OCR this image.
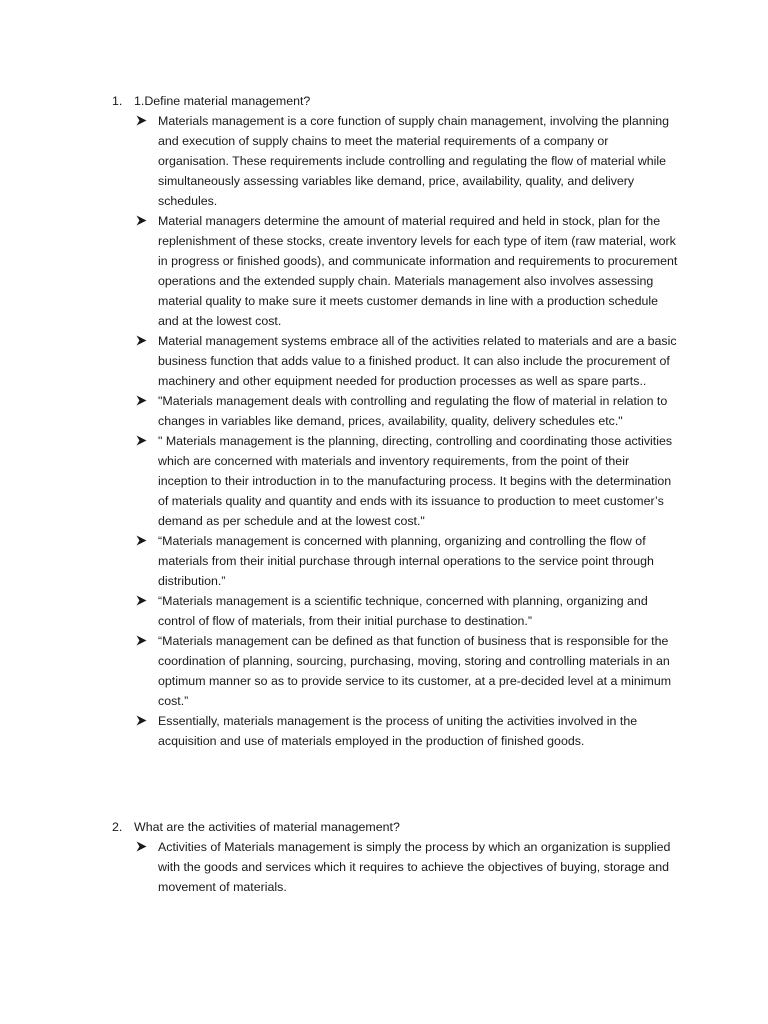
1. 1.Define material management?
Materials management is a core function of supply chain management, involving the planning and execution of supply chains to meet the material requirements of a company or organisation. These requirements include controlling and regulating the flow of material while simultaneously assessing variables like demand, price, availability, quality, and delivery schedules.
Material managers determine the amount of material required and held in stock, plan for the replenishment of these stocks, create inventory levels for each type of item (raw material, work in progress or finished goods), and communicate information and requirements to procurement operations and the extended supply chain. Materials management also involves assessing material quality to make sure it meets customer demands in line with a production schedule and at the lowest cost.
Material management systems embrace all of the activities related to materials and are a basic business function that adds value to a finished product. It can also include the procurement of machinery and other equipment needed for production processes as well as spare parts..
"Materials management deals with controlling and regulating the flow of material in relation to changes in variables like demand, prices, availability, quality, delivery schedules etc."
" Materials management is the planning, directing, controlling and coordinating those activities which are concerned with materials and inventory requirements, from the point of their inception to their introduction in to the manufacturing process. It begins with the determination of materials quality and quantity and ends with its issuance to production to meet customer’s demand as per schedule and at the lowest cost."
“Materials management is concerned with planning, organizing and controlling the flow of materials from their initial purchase through internal operations to the service point through distribution.”
“Materials management is a scientific technique, concerned with planning, organizing and control of flow of materials, from their initial purchase to destination.”
“Materials management can be defined as that function of business that is responsible for the coordination of planning, sourcing, purchasing, moving, storing and controlling materials in an optimum manner so as to provide service to its customer, at a pre-decided level at a minimum cost.”
Essentially, materials management is the process of uniting the activities involved in the acquisition and use of materials employed in the production of finished goods.
2. What are the activities of material management?
Activities of Materials management is simply the process by which an organization is supplied with the goods and services which it requires to achieve the objectives of buying, storage and movement of materials.
